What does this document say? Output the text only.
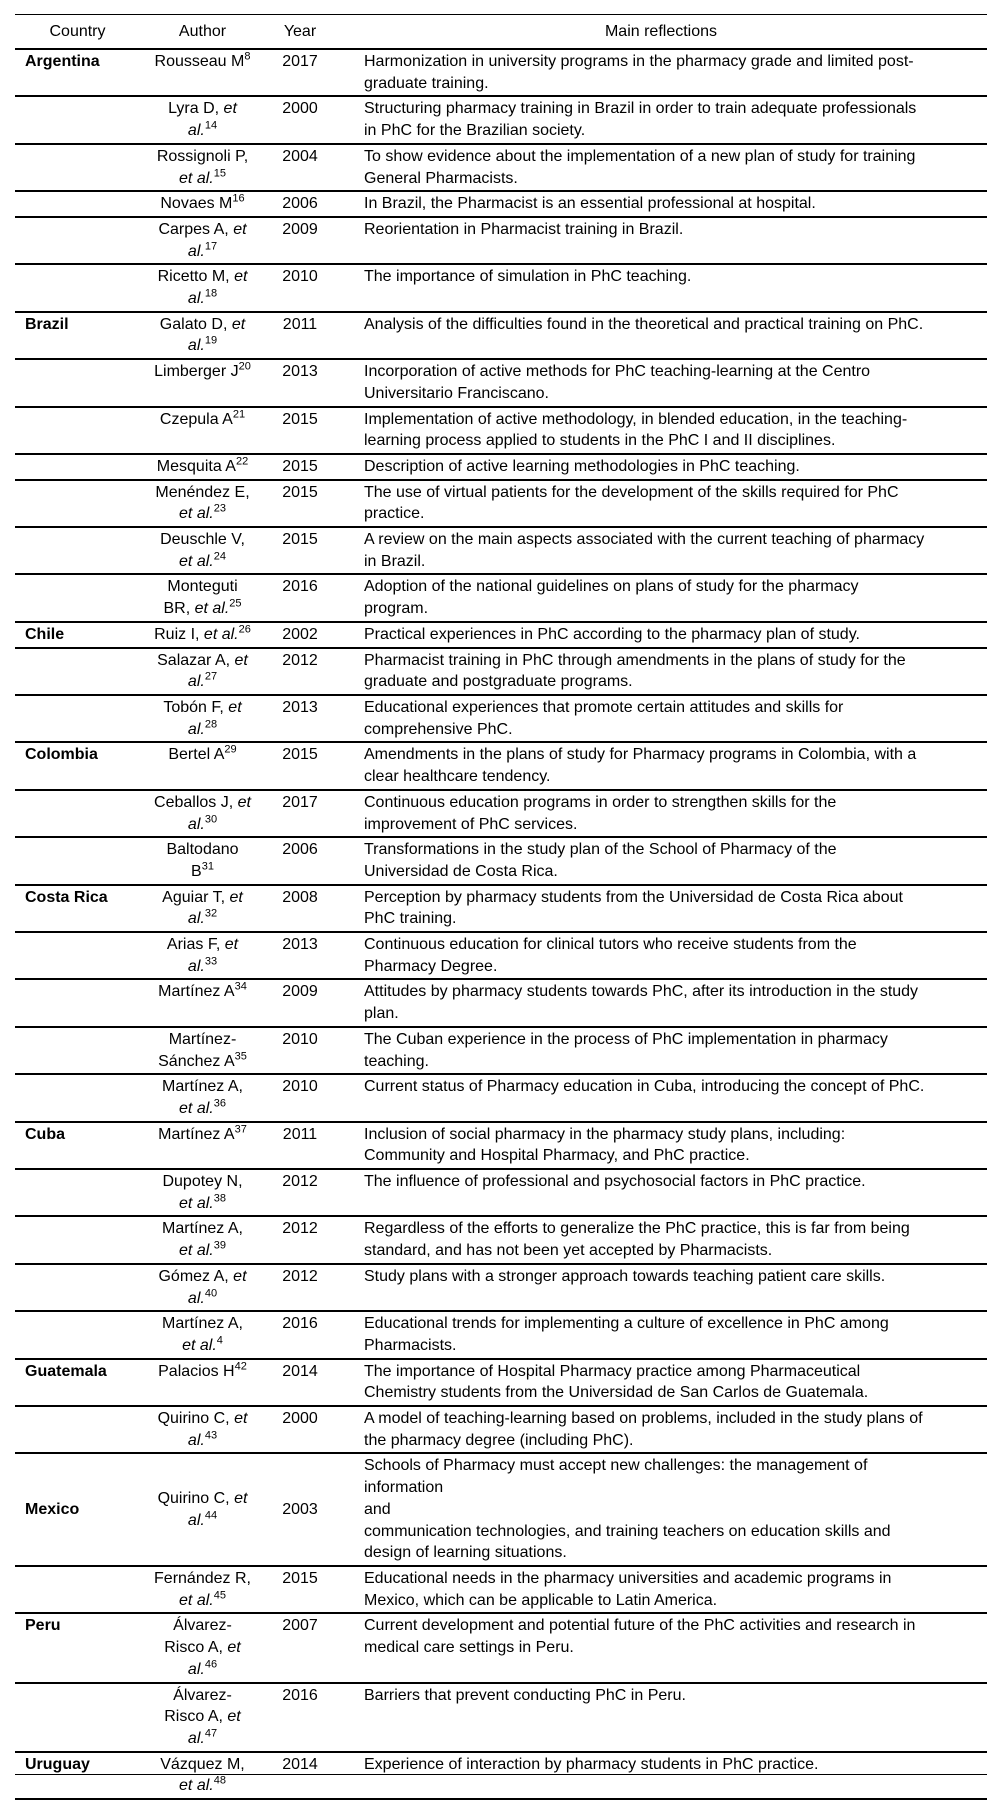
Country	Author	Year	Main reflections
Argentina	Rousseau $M^8$	2017	Harmonization in university programs in the pharmacy grade and limited post-graduate training.
	Lyra D, et al.$^{14}$	2000	Structuring pharmacy training in Brazil in order to train adequate professionals in PhC for the Brazilian society.
	Rossignoli P, et al.$^{15}$	2004	To show evidence about the implementation of a new plan of study for training General Pharmacists.
	Novaes $M^{16}$	2006	In Brazil, the Pharmacist is an essential professional at hospital.
	Carpes A, et al.$^{17}$	2009	Reorientation in Pharmacist training in Brazil.
	Ricetto M, et al.$^{18}$	2010	The importance of simulation in PhC teaching.
Brazil	Galato D, et al.$^{19}$	2011	Analysis of the difficulties found in the theoretical and practical training on PhC.
	Limberger $J^{20}$	2013	Incorporation of active methods for PhC teaching-learning at the Centro Universitario Franciscano.
	Czepula $A^{21}$	2015	Implementation of active methodology, in blended education, in the teaching-learning process applied to students in the PhC I and II disciplines.
	Mesquita $A^{22}$	2015	Description of active learning methodologies in PhC teaching.
	Menéndez E, et al.$^{23}$	2015	The use of virtual patients for the development of the skills required for PhC practice.
	Deuschle V, et al.$^{24}$	2015	A review on the main aspects associated with the current teaching of pharmacy in Brazil.
	Monteguti BR, et al.$^{25}$	2016	Adoption of the national guidelines on plans of study for the pharmacy program.
Chile	Ruiz I, et al.$^{26}$	2002	Practical experiences in PhC according to the pharmacy plan of study.
	Salazar A, et al.$^{27}$	2012	Pharmacist training in PhC through amendments in the plans of study for the graduate and postgraduate programs.
	Tobón F, et al.$^{28}$	2013	Educational experiences that promote certain attitudes and skills for comprehensive PhC.
Colombia	Bertel $A^{29}$	2015	Amendments in the plans of study for Pharmacy programs in Colombia, with a clear healthcare tendency.
	Ceballos J, et al.$^{30}$	2017	Continuous education programs in order to strengthen skills for the improvement of PhC services.
	Baltodano $B^{31}$	2006	Transformations in the study plan of the School of Pharmacy of the Universidad de Costa Rica.
Costa Rica	Aguiar T, et al.$^{32}$	2008	Perception by pharmacy students from the Universidad de Costa Rica about PhC training.
	Arias F, et al.$^{33}$	2013	Continuous education for clinical tutors who receive students from the Pharmacy Degree.
	Martínez $A^{34}$	2009	Attitudes by pharmacy students towards PhC, after its introduction in the study plan.
	Martínez-Sánchez $A^{35}$	2010	The Cuban experience in the process of PhC implementation in pharmacy teaching.
	Martínez A, et al.$^{36}$	2010	Current status of Pharmacy education in Cuba, introducing the concept of PhC.
Cuba	Martínez $A^{37}$	2011	Inclusion of social pharmacy in the pharmacy study plans, including: Community and Hospital Pharmacy, and PhC practice.
	Dupotey N, et al.$^{38}$	2012	The influence of professional and psychosocial factors in PhC practice.
	Martínez A, et al.$^{39}$	2012	Regardless of the efforts to generalize the PhC practice, this is far from being standard, and has not been yet accepted by Pharmacists.
	Gómez A, et al.$^{40}$	2012	Study plans with a stronger approach towards teaching patient care skills.
	Martínez A, et al.$^4$	2016	Educational trends for implementing a culture of excellence in PhC among Pharmacists.
Guatemala	Palacios $H^{42}$	2014	The importance of Hospital Pharmacy practice among Pharmaceutical Chemistry students from the Universidad de San Carlos de Guatemala.
	Quirino C, et al.$^{43}$	2000	A model of teaching-learning based on problems, included in the study plans of the pharmacy degree (including PhC).
Mexico	Quirino C, et al.$^{44}$	2003	Schools of Pharmacy must accept new challenges: the management of information
and
communication technologies, and training teachers on education skills and design of learning situations.
	Fernández R, et al.$^{45}$	2015	Educational needs in the pharmacy universities and academic programs in Mexico, which can be applicable to Latin America.
Peru	Álvarez-Risco A, et al.$^{46}$	2007	Current development and potential future of the PhC activities and research in medical care settings in Peru.
	Álvarez-Risco A, et al.$^{47}$	2016	Barriers that prevent conducting PhC in Peru.
Uruguay	Vázquez M, et al.$^{48}$	2014	Experience of interaction by pharmacy students in PhC practice.
